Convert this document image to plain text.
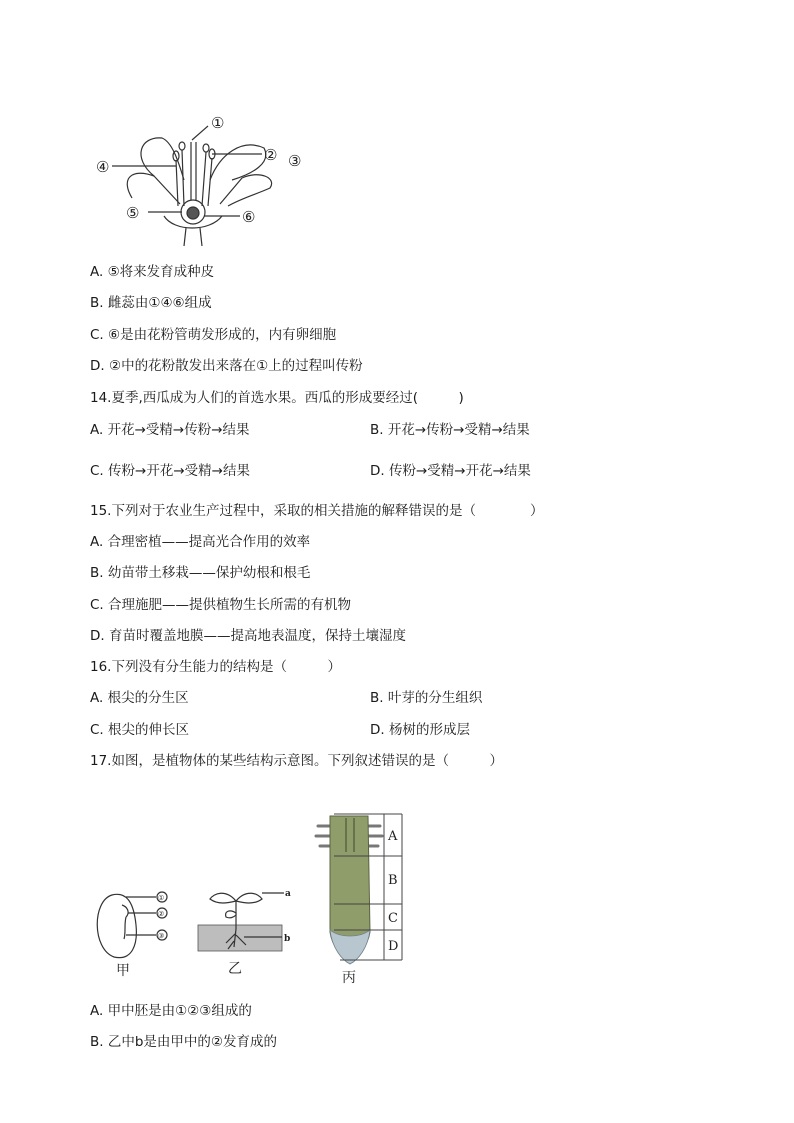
①
② ③
④
⑤	⑥
A. ⑤将来发育成种皮
B. 雌蕊由①④⑥组成
C. ⑥是由花粉管萌发形成的，内有卵细胞
D. ②中的花粉散发出来落在①上的过程叫传粉
14.夏季,西瓜成为人们的首选水果。西瓜的形成要经过(　　　)
A. 开花→受精→传粉→结果	B. 开花→传粉→受精→结果
C. 传粉→开花→受精→结果	D. 传粉→受精→开花→结果
15.下列对于农业生产过程中，采取的相关措施的解释错误的是（　　　　）
A. 合理密植——提高光合作用的效率
B. 幼苗带土移栽——保护幼根和根毛
C. 合理施肥——提供植物生长所需的有机物
D. 育苗时覆盖地膜——提高地表温度，保持土壤湿度
16.下列没有分生能力的结构是（　　　）
A. 根尖的分生区	B. 叶芽的分生组织
C. 根尖的伸长区	D. 杨树的形成层
17.如图，是植物体的某些结构示意图。下列叙述错误的是（　　　）
①
②
③
甲
a
b
乙
A
B
C
D
丙
A. 甲中胚是由①②③组成的
B. 乙中b是由甲中的②发育成的
